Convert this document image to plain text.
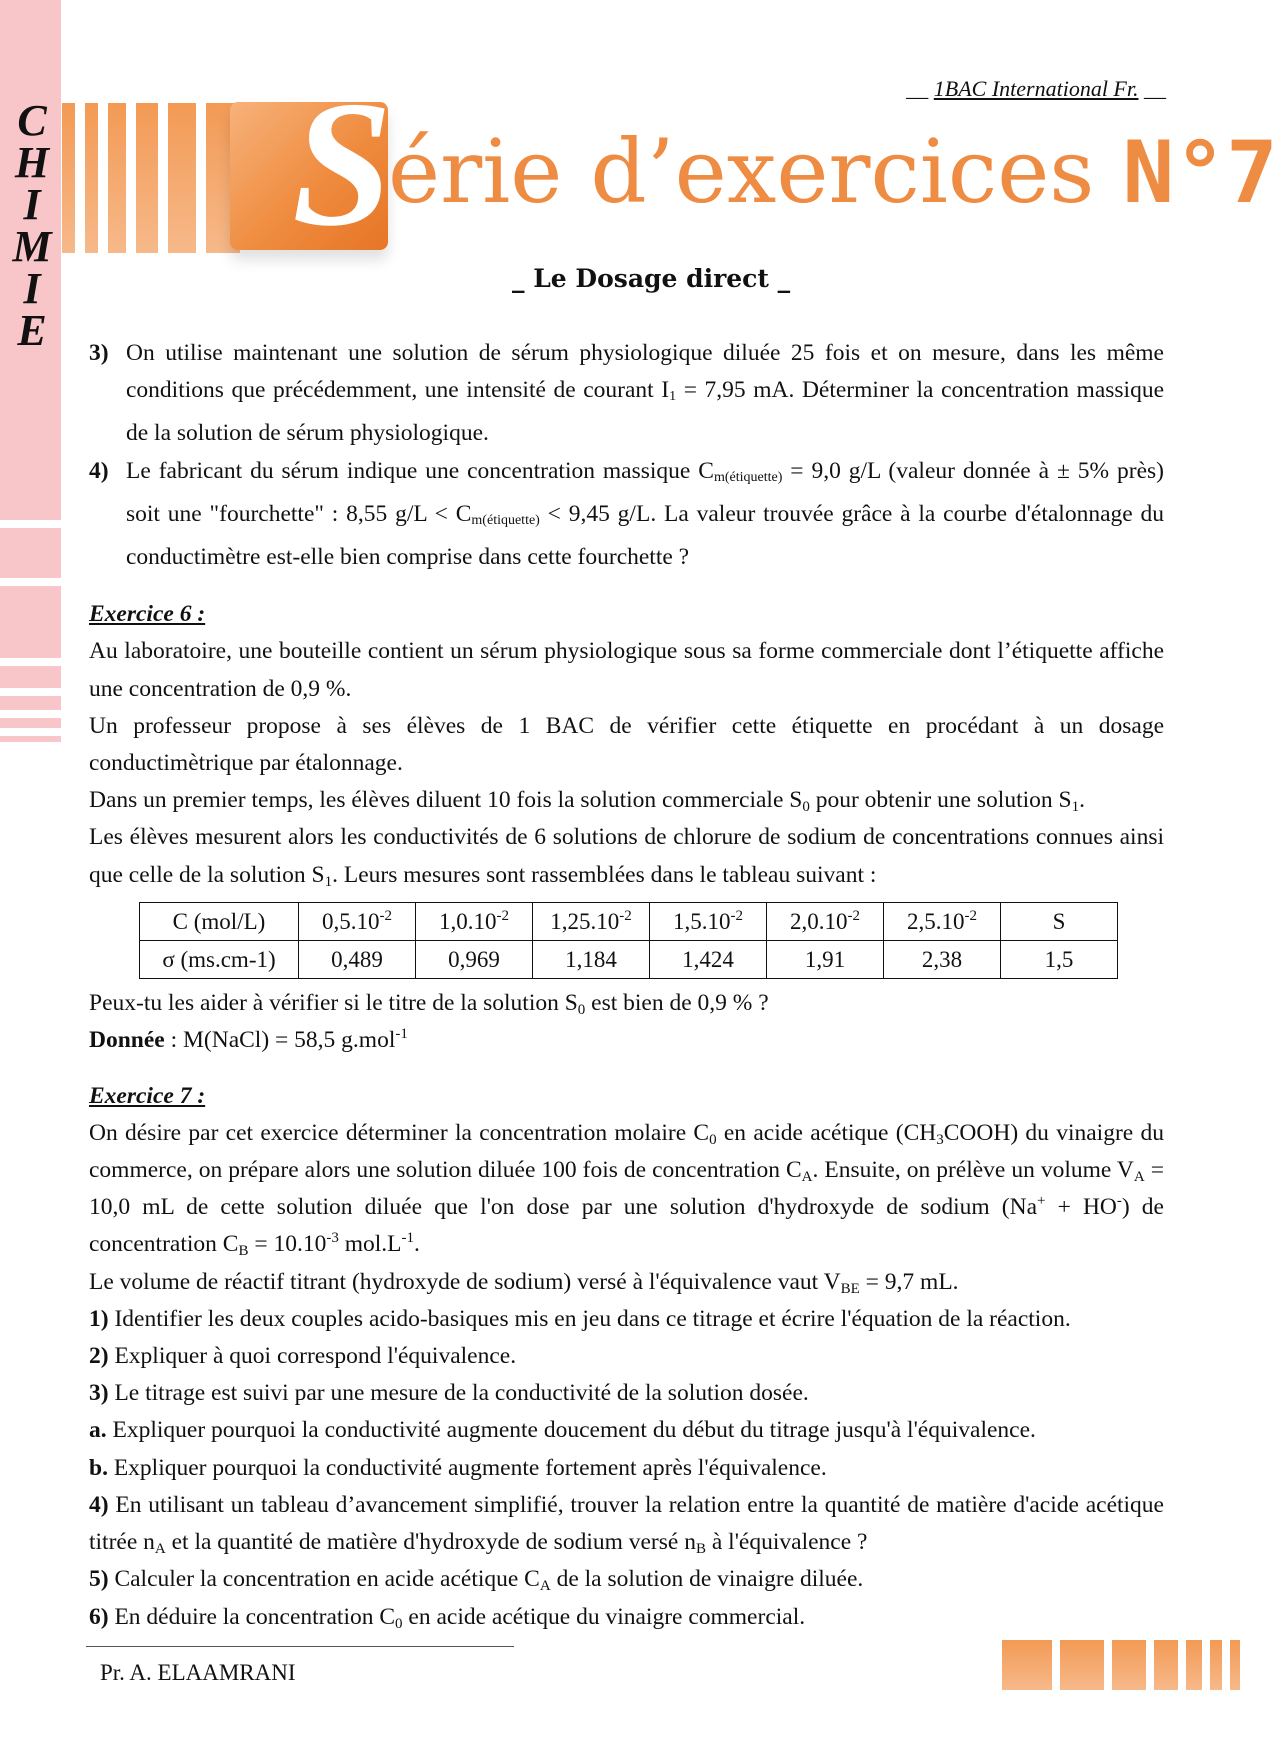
C
H
I
M
I
E
__ 1BAC International Fr. __
S
érie d’exercices N°7
_ Le Dosage direct _
3) On utilise maintenant une solution de sérum physiologique diluée 25 fois et on mesure, dans les même conditions que précédemment, une intensité de courant $I_1 = 7,95$ mA. Déterminer la concentration massique de la solution de sérum physiologique.
4) Le fabricant du sérum indique une concentration massique $C_{m(étiquette)} = 9,0$ g/L (valeur donnée à ± 5% près) soit une "fourchette" : 8,55 $g/L < C_{m(étiquette)} < 9,45$ g/L. La valeur trouvée grâce à la courbe d'étalonnage du conductimètre est-elle bien comprise dans cette fourchette ?

Exercice 6 :

Au laboratoire, une bouteille contient un sérum physiologique sous sa forme commerciale dont l’étiquette affiche une concentration de 0,9 %.

Un professeur propose à ses élèves de 1 BAC de vérifier cette étiquette en procédant à un dosage conductimètrique par étalonnage.

Dans un premier temps, les élèves diluent 10 fois la solution commerciale $S_0$ pour obtenir une solution $S_1$.

Les élèves mesurent alors les conductivités de 6 solutions de chlorure de sodium de concentrations connues ainsi que celle de la solution $S_1$. Leurs mesures sont rassemblées dans le tableau suivant :

C (mol/L)	$0,5.10^{-2}$	$1,0.10^{-2}$	$1,25.10^{-2}$	$1,5.10^{-2}$	$2,0.10^{-2}$	$2,5.10^{-2}$	S
σ (ms.cm-1)	0,489	0,969	1,184	1,424	1,91	2,38	1,5

Peux-tu les aider à vérifier si le titre de la solution $S_0$ est bien de 0,9 % ?

Donnée : M(NaCl) = 58,5 g.mol$^{-1}$

Exercice 7 :

On désire par cet exercice déterminer la concentration molaire $C_0$ en acide acétique $(CH_3COOH)$ du vinaigre du commerce, on prépare alors une solution diluée 100 fois de concentration $C_A$. Ensuite, on prélève un volume $V_A = 10,0$ mL de cette solution diluée que l'on dose par une solution d'hydroxyde de sodium (Na+ + HO-) de concentration $C_B = 10.10^{-3}$ $mol.L^{-1}$.

Le volume de réactif titrant (hydroxyde de sodium) versé à l'équivalence vaut $V_{BE} = 9,7$ mL.

1) Identifier les deux couples acido-basiques mis en jeu dans ce titrage et écrire l'équation de la réaction.

2) Expliquer à quoi correspond l'équivalence.

3) Le titrage est suivi par une mesure de la conductivité de la solution dosée.

a. Expliquer pourquoi la conductivité augmente doucement du début du titrage jusqu'à l'équivalence.

b. Expliquer pourquoi la conductivité augmente fortement après l'équivalence.

4) En utilisant un tableau d’avancement simplifié, trouver la relation entre la quantité de matière d'acide acétique titrée $n_A$ et la quantité de matière d'hydroxyde de sodium versé $n_B$ à l'équivalence ?

5) Calculer la concentration en acide acétique $C_A$ de la solution de vinaigre diluée.

6) En déduire la concentration $C_0$ en acide acétique du vinaigre commercial.

Pr. A. ELAAMRANI
